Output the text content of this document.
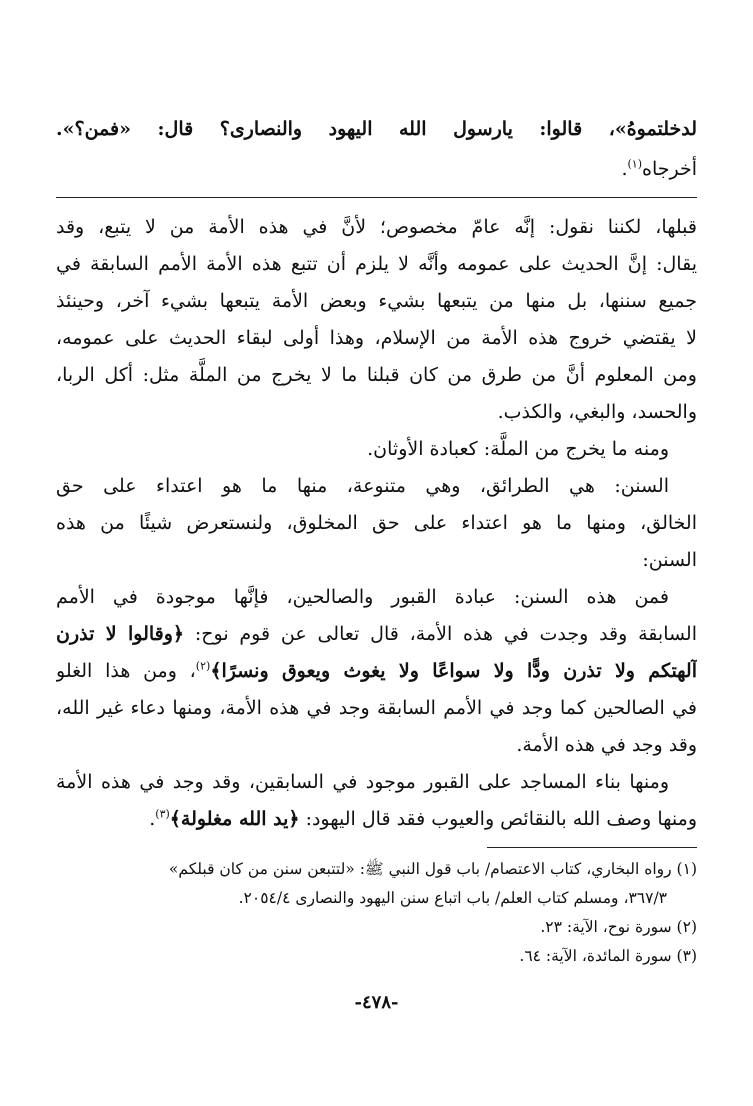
لدخلتموهُ»، قالوا: يارسول الله اليهود والنصارى؟ قال: «فمن؟».
أخرجاه$^{(١)}$.
قبلها، لكننا نقول: إنَّه عامّ مخصوص؛ لأنَّ في هذه الأمة من لا يتبع، وقد
يقال: إنَّ الحديث على عمومه وأنَّه لا يلزم أن تتبع هذه الأمة الأمم السابقة في
جميع سننها، بل منها من يتبعها بشيء وبعض الأمة يتبعها بشيء آخر، وحينئذ
لا يقتضي خروج هذه الأمة من الإسلام، وهذا أولى لبقاء الحديث على عمومه،
ومن المعلوم أنَّ من طرق من كان قبلنا ما لا يخرج من الملَّة مثل: أكل الربا،
والحسد، والبغي، والكذب.
ومنه ما يخرج من الملَّة: كعبادة الأوثان.
السنن: هي الطرائق، وهي متنوعة، منها ما هو اعتداء على حق
الخالق، ومنها ما هو اعتداء على حق المخلوق، ولنستعرض شيئًا من هذه
السنن:
فمن هذه السنن: عبادة القبور والصالحين، فإنَّها موجودة في الأمم
السابقة وقد وجدت في هذه الأمة، قال تعالى عن قوم نوح: ﴿وقالوا لا تذرن
آلهتكم ولا تذرن ودًّا ولا سواعًا ولا يغوث ويعوق ونسرًا﴾$^{(٢)}$، ومن هذا الغلو
في الصالحين كما وجد في الأمم السابقة وجد في هذه الأمة، ومنها دعاء غير الله،
وقد وجد في هذه الأمة.
ومنها بناء المساجد على القبور موجود في السابقين، وقد وجد في هذه الأمة
ومنها وصف الله بالنقائص والعيوب فقد قال اليهود: ﴿يد الله مغلولة﴾$^{(٣)}$.
(١) رواه البخاري، كتاب الاعتصام/ باب قول النبي ﷺ: «لتتبعن سنن من كان قبلكم»
٣٦٧/٣، ومسلم كتاب العلم/ باب اتباع سنن اليهود والنصارى ٢٠٥٤/٤.
(٢) سورة نوح، الآية: ٢٣.
(٣) سورة المائدة، الآية: ٦٤.
-٤٧٨-
